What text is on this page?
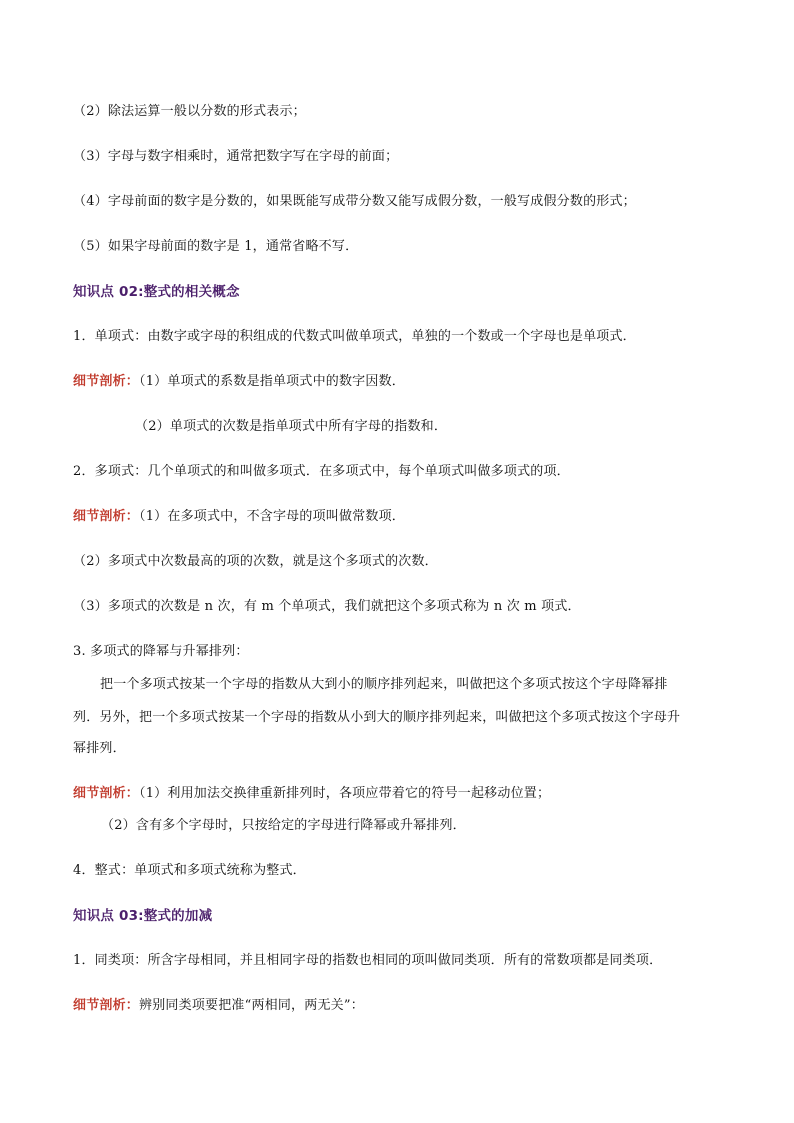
（2）除法运算一般以分数的形式表示；
（3）字母与数字相乘时，通常把数字写在字母的前面；
（4）字母前面的数字是分数的，如果既能写成带分数又能写成假分数，一般写成假分数的形式；
（5）如果字母前面的数字是 1，通常省略不写．
知识点 02:整式的相关概念
1．单项式：由数字或字母的积组成的代数式叫做单项式，单独的一个数或一个字母也是单项式．
细节剖析：（1）单项式的系数是指单项式中的数字因数．
（2）单项式的次数是指单项式中所有字母的指数和．
2．多项式：几个单项式的和叫做多项式．在多项式中，每个单项式叫做多项式的项．
细节剖析：（1）在多项式中，不含字母的项叫做常数项．
（2）多项式中次数最高的项的次数，就是这个多项式的次数．
（3）多项式的次数是 n 次，有 m 个单项式，我们就把这个多项式称为 n 次 m 项式．
3. 多项式的降幂与升幂排列：
把一个多项式按某一个字母的指数从大到小的顺序排列起来，叫做把这个多项式按这个字母降幂排
列．另外，把一个多项式按某一个字母的指数从小到大的顺序排列起来，叫做把这个多项式按这个字母升
幂排列．
细节剖析：（1）利用加法交换律重新排列时，各项应带着它的符号一起移动位置；
（2）含有多个字母时，只按给定的字母进行降幂或升幂排列．
4．整式：单项式和多项式统称为整式．
知识点 03:整式的加减
1．同类项：所含字母相同，并且相同字母的指数也相同的项叫做同类项．所有的常数项都是同类项．
细节剖析：辨别同类项要把准“两相同，两无关”：
